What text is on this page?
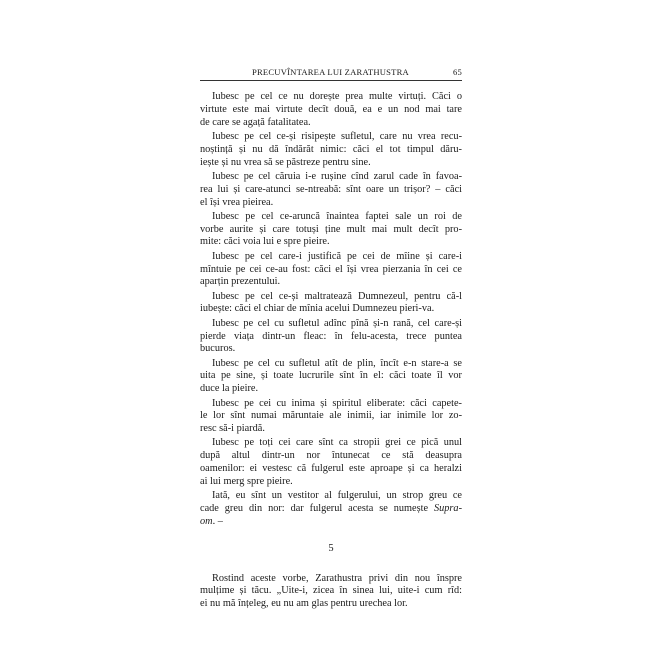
PRECUVÎNTAREA LUI ZARATHUSTRA	65

Iubesc pe cel ce nu dorește prea multe virtuți. Căci o
virtute este mai virtute decît două, ea e un nod mai tare
de care se agață fatalitatea.

Iubesc pe cel ce-și risipește sufletul, care nu vrea recu-
noștință și nu dă îndărăt nimic: căci el tot timpul dăru-
iește și nu vrea să se păstreze pentru sine.

Iubesc pe cel căruia i-e rușine cînd zarul cade în favoa-
rea lui și care-atunci se-ntreabă: sînt oare un trișor? – căci
el își vrea pieirea.

Iubesc pe cel ce-aruncă înaintea faptei sale un roi de
vorbe aurite și care totuși ține mult mai mult decît pro-
mite: căci voia lui e spre pieire.

Iubesc pe cel care-i justifică pe cei de mîine și care-i
mîntuie pe cei ce-au fost: căci el își vrea pierzania în cei ce
aparțin prezentului.

Iubesc pe cel ce-și maltratează Dumnezeul, pentru că-l
iubește: căci el chiar de mînia acelui Dumnezeu pieri-va.

Iubesc pe cel cu sufletul adînc pînă și-n rană, cel care-și
pierde viața dintr-un fleac: în felu-acesta, trece puntea
bucuros.

Iubesc pe cel cu sufletul atît de plin, încît e-n stare-a se
uita pe sine, și toate lucrurile sînt în el: căci toate îl vor
duce la pieire.

Iubesc pe cei cu inima și spiritul eliberate: căci capete-
le lor sînt numai măruntaie ale inimii, iar inimile lor zo-
resc să-i piardă.

Iubesc pe toți cei care sînt ca stropii grei ce pică unul
după altul dintr-un nor întunecat ce stă deasupra
oamenilor: ei vestesc că fulgerul este aproape și ca heralzi
ai lui merg spre pieire.

Iată, eu sînt un vestitor al fulgerului, un strop greu ce
cade greu din nor: dar fulgerul acesta se numește Supra-
om. –

5

Rostind aceste vorbe, Zarathustra privi din nou înspre
mulțime și tăcu. „Uite-i, zicea în sinea lui, uite-i cum rîd:
ei nu mă înțeleg, eu nu am glas pentru urechea lor.
